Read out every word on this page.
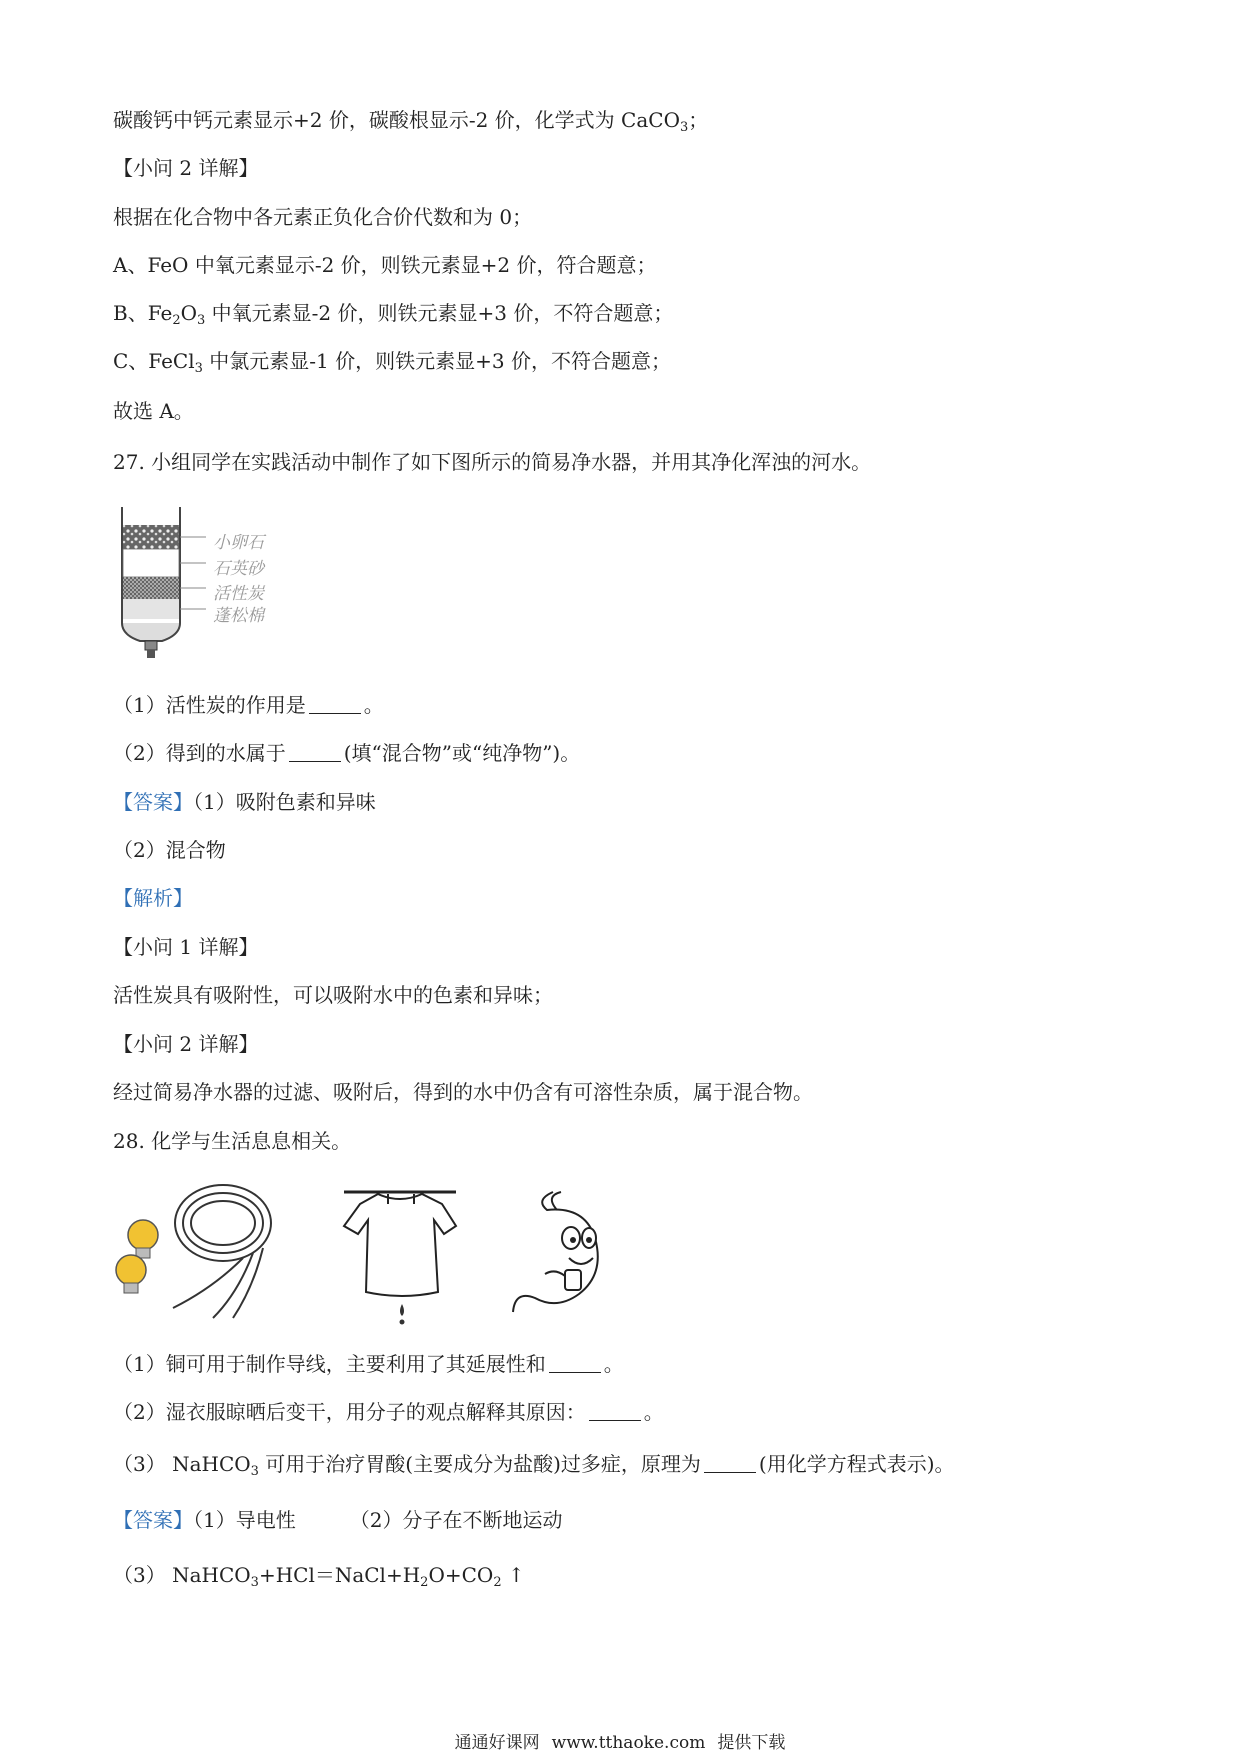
碳酸钙中钙元素显示+2 价，碳酸根显示-2 价，化学式为 CaCO$_3$；
【小问 2 详解】
根据在化合物中各元素正负化合价代数和为 0；
A、FeO 中氧元素显示-2 价，则铁元素显+2 价，符合题意；
B、$Fe_2O_3$ 中氧元素显-2 价，则铁元素显+3 价，不符合题意；
C、FeCl$_3$ 中氯元素显-1 价，则铁元素显+3 价，不符合题意；
故选 A。
27. 小组同学在实践活动中制作了如下图所示的简易净水器，并用其净化浑浊的河水。
小卵石
石英砂
活性炭
蓬松棉
（1）活性炭的作用是	。
（2）得到的水属于	(填“混合物”或“纯净物”)。
【答案】（1）吸附色素和异味
（2）混合物
【解析】
【小问 1 详解】
活性炭具有吸附性，可以吸附水中的色素和异味；
【小问 2 详解】
经过简易净水器的过滤、吸附后，得到的水中仍含有可溶性杂质，属于混合物。
28. 化学与生活息息相关。
（1）铜可用于制作导线，主要利用了其延展性和	。
（2）湿衣服晾晒后变干，用分子的观点解释其原因：	。
（3） NaHCO$_3$ 可用于治疗胃酸(主要成分为盐酸)过多症，原理为	(用化学方程式表示)。
【答案】（1）导电性	（2）分子在不断地运动
（3） $NaHCO_3+HCl=NaCl+H_2O+CO_2$ ↑
通通好课网 www.tthaoke.com 提供下载
